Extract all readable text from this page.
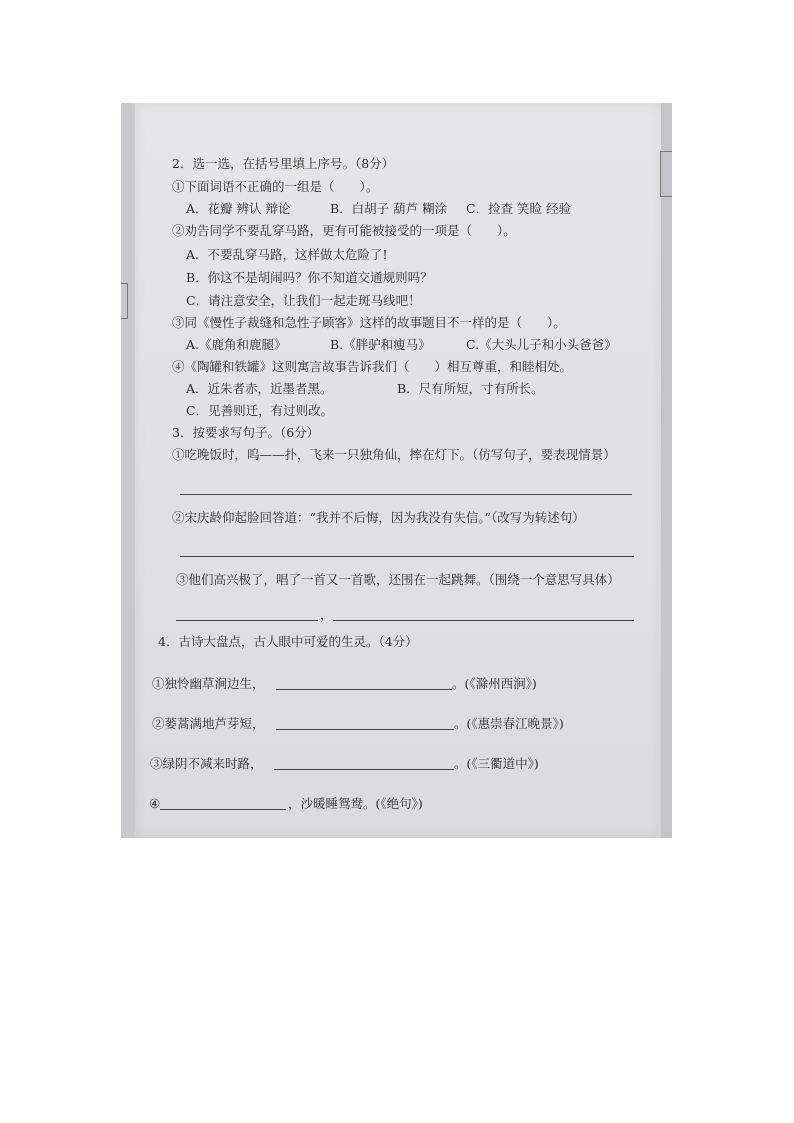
2．选一选，在括号里填上序号。（8分）
①下面词语不正确的一组是（　　）。
A．花瓣 辨认 辩论	B．白胡子 葫芦 糊涂 C．捡查 笑睑 经验
②劝告同学不要乱穿马路，更有可能被接受的一项是（　　）。
A．不要乱穿马路，这样做太危险了!
B．你这不是胡闹吗？你不知道交通规则吗？
C．请注意安全，让我们一起走斑马线吧！
③同《慢性子裁缝和急性子顾客》这样的故事题目不一样的是（　　）。
A.《鹿角和鹿腿》	B.《胖驴和瘦马》	C.《大头儿子和小头爸爸》
④《陶罐和铁罐》这则寓言故事告诉我们（　　）相互尊重，和睦相处。
A．近朱者赤，近墨者黑。	B．尺有所短，寸有所长。
C．见善则迁，有过则改。
3．按要求写句子。（6分）
①吃晚饭时，呜——扑，飞来一只独角仙，摔在灯下。（仿写句子，要表现情景）
②宋庆龄仰起脸回答道：“我并不后悔，因为我没有失信。”（改写为转述句）
③他们高兴极了，唱了一首又一首歌，还围在一起跳舞。（围绕一个意思写具体）
，
4．古诗大盘点，古人眼中可爱的生灵。（4分）
①独怜幽草涧边生，	。(《滁州西涧》)
②蒌蒿满地芦芽短，	。(《惠崇春江晚景》)
③绿阴不减来时路，	。(《三衢道中》)
④	，沙暖睡鸳鸯。(《绝句》)
